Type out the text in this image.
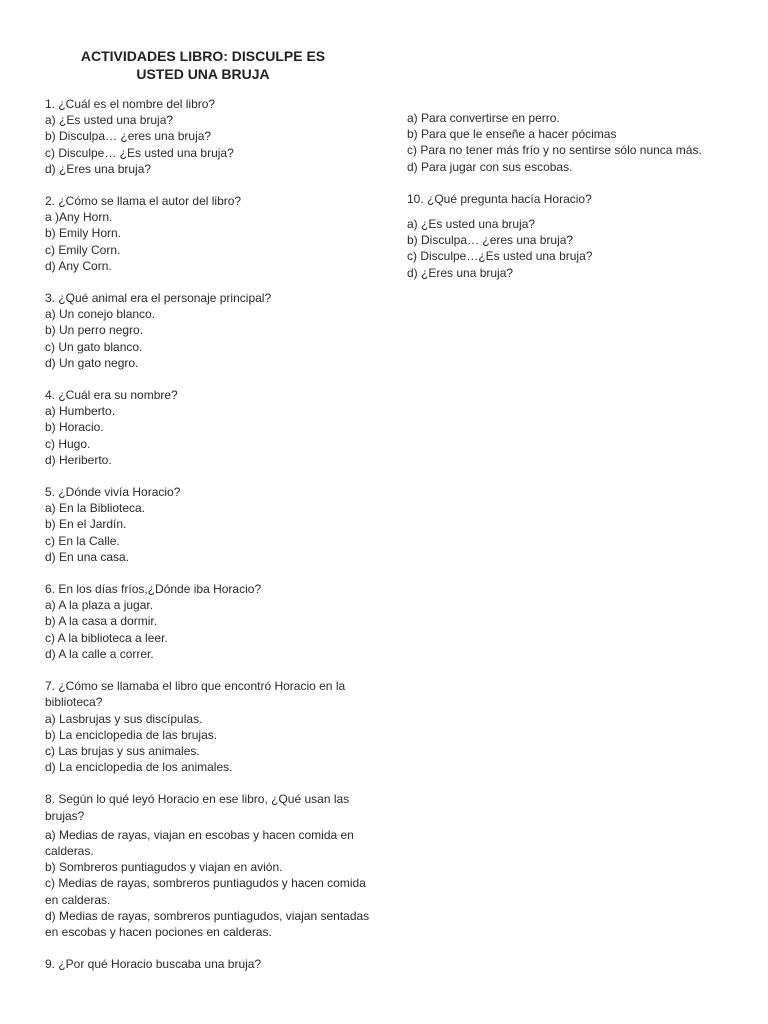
ACTIVIDADES LIBRO: DISCULPE ES
USTED UNA BRUJA
1. ¿Cuál es el nombre del libro?
a) ¿Es usted una bruja?
b) Disculpa… ¿eres una bruja?
c) Disculpe… ¿Es usted una bruja?
d) ¿Eres una bruja?
2. ¿Cómo se llama el autor del libro?
a )Any Horn.
b) Emily Horn.
c) Emily Corn.
d) Any Corn.
3. ¿Qué animal era el personaje principal?
a) Un conejo blanco.
b) Un perro negro.
c) Un gato blanco.
d) Un gato negro.
4. ¿Cuál era su nombre?
a) Humberto.
b) Horacio.
c) Hugo.
d) Heriberto.
5. ¿Dónde vivía Horacio?
a) En la Biblioteca.
b) En el Jardín.
c) En la Calle.
d) En una casa.
6. En los días fríos,¿Dónde iba Horacio?
a) A la plaza a jugar.
b) A la casa a dormir.
c) A la biblioteca a leer.
d) A la calle a correr.
7. ¿Cómo se llamaba el libro que encontró Horacio en la biblioteca?
a) Lasbrujas y sus discípulas.
b) La enciclopedia de las brujas.
c) Las brujas y sus animales.
d) La enciclopedia de los animales.
8. Según lo qué leyó Horacio en ese libro, ¿Qué usan las brujas?
a) Medias de rayas, viajan en escobas y hacen comida en calderas.
b) Sombreros puntiagudos y viajan en avión.
c) Medias de rayas, sombreros puntiagudos y hacen comida en calderas.
d) Medias de rayas, sombreros puntiagudos, viajan sentadas en escobas y hacen pociones en calderas.
9. ¿Por qué Horacio buscaba una bruja?
a) Para convertirse en perro.
b) Para que le enseñe a hacer pócimas
c) Para no tener más frío y no sentirse sólo nunca más.
d) Para jugar con sus escobas.
10. ¿Qué pregunta hacía Horacio?
a) ¿Es usted una bruja?
b) Disculpa… ¿eres una bruja?
c) Disculpe…¿Es usted una bruja?
d) ¿Eres una bruja?
